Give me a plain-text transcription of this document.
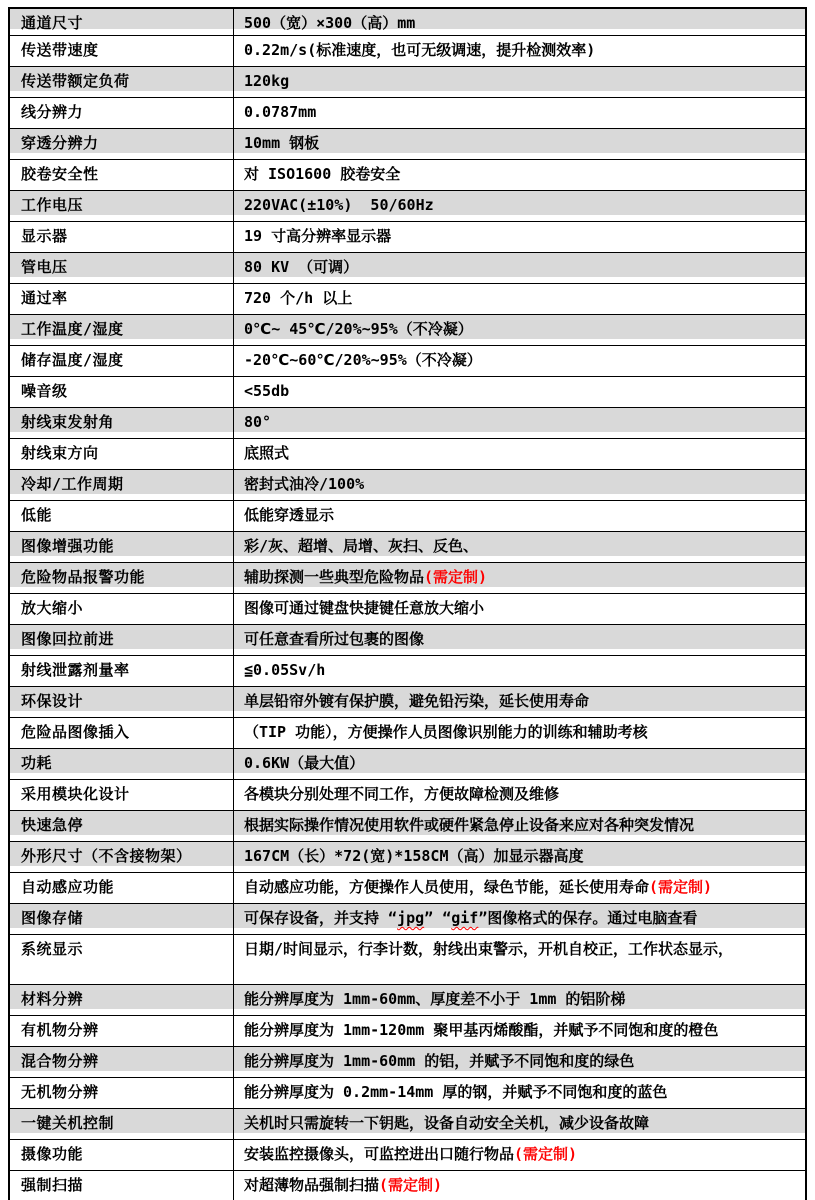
通道尺寸	500（宽）×300（高）mm
传送带速度	0.22m/s(标准速度，也可无级调速，提升检测效率)
传送带额定负荷	120kg
线分辨力	0.0787mm
穿透分辨力	10mm 钢板
胶卷安全性	对 ISO1600 胶卷安全
工作电压	220VAC(±10%)  50/60Hz
显示器	19 寸高分辨率显示器
管电压	80 KV （可调）
通过率	720 个/h 以上
工作温度/湿度	0℃~ 45℃/20%~95%（不冷凝）
储存温度/湿度	-20℃~60℃/20%~95%（不冷凝）
噪音级	<55db
射线束发射角	80°
射线束方向	底照式
冷却/工作周期	密封式油冷/100%
低能	低能穿透显示
图像增强功能	彩/灰、超增、局增、灰扫、反色、
危险物品报警功能	辅助探测一些典型危险物品(需定制)
放大缩小	图像可通过键盘快捷键任意放大缩小
图像回拉前进	可任意查看所过包裹的图像
射线泄露剂量率	≦0.05Sv/h
环保设计	单层铅帘外镀有保护膜，避免铅污染，延长使用寿命
危险品图像插入	（TIP 功能），方便操作人员图像识别能力的训练和辅助考核
功耗	0.6KW（最大值）
采用模块化设计	各模块分别处理不同工作，方便故障检测及维修
快速急停	根据实际操作情况使用软件或硬件紧急停止设备来应对各种突发情况
外形尺寸（不含接物架）	167CM（长）*72(宽)*158CM（高）加显示器高度
自动感应功能	自动感应功能，方便操作人员使用，绿色节能，延长使用寿命(需定制)
图像存储	可保存设备，并支持 “jpg” “gif”图像格式的保存。通过电脑查看
系统显示	日期/时间显示，行李计数，射线出束警示，开机自校正，工作状态显示，
材料分辨	能分辨厚度为 1mm-60mm、厚度差不小于 1mm 的铝阶梯
有机物分辨	能分辨厚度为 1mm-120mm 聚甲基丙烯酸酯，并赋予不同饱和度的橙色
混合物分辨	能分辨厚度为 1mm-60mm 的铝，并赋予不同饱和度的绿色
无机物分辨	能分辨厚度为 0.2mm-14mm 厚的钢，并赋予不同饱和度的蓝色
一键关机控制	关机时只需旋转一下钥匙，设备自动安全关机，减少设备故障
摄像功能	安装监控摄像头，可监控进出口随行物品(需定制)
强制扫描	对超薄物品强制扫描(需定制)
